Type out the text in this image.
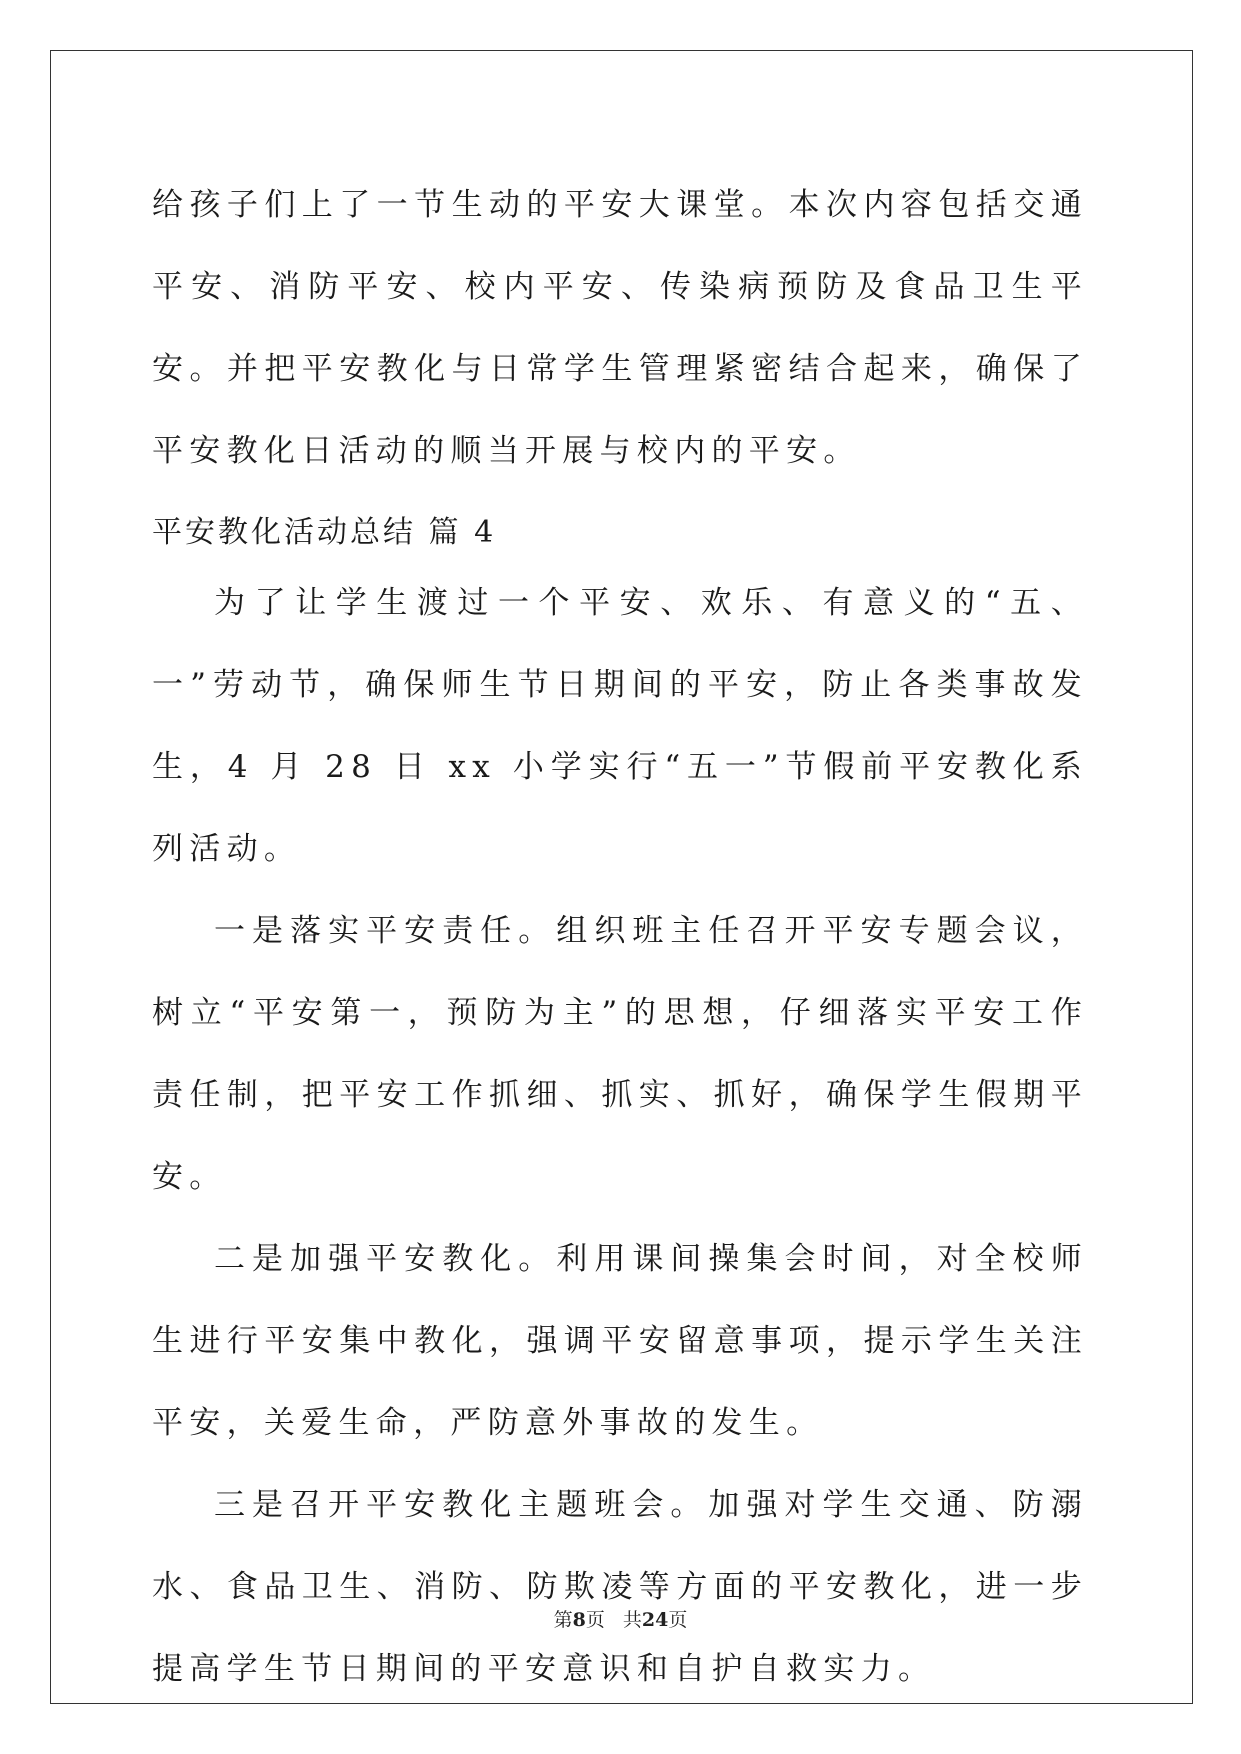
给孩子们上了一节生动的平安大课堂。本次内容包括交通平安、消防平安、校内平安、传染病预防及食品卫生平安。并把平安教化与日常学生管理紧密结合起来，确保了平安教化日活动的顺当开展与校内的平安。

平安教化活动总结 篇 4

为了让学生渡过一个平安、欢乐、有意义的“五、一”劳动节，确保师生节日期间的平安，防止各类事故发生，4 月 28 日 xx 小学实行“五一”节假前平安教化系列活动。

一是落实平安责任。组织班主任召开平安专题会议，树立“平安第一，预防为主”的思想，仔细落实平安工作责任制，把平安工作抓细、抓实、抓好，确保学生假期平安。

二是加强平安教化。利用课间操集会时间，对全校师生进行平安集中教化，强调平安留意事项，提示学生关注平安，关爱生命，严防意外事故的发生。

三是召开平安教化主题班会。加强对学生交通、防溺水、食品卫生、消防、防欺凌等方面的平安教化，进一步提高学生节日期间的平安意识和自护自救实力。

第8页 共24页
